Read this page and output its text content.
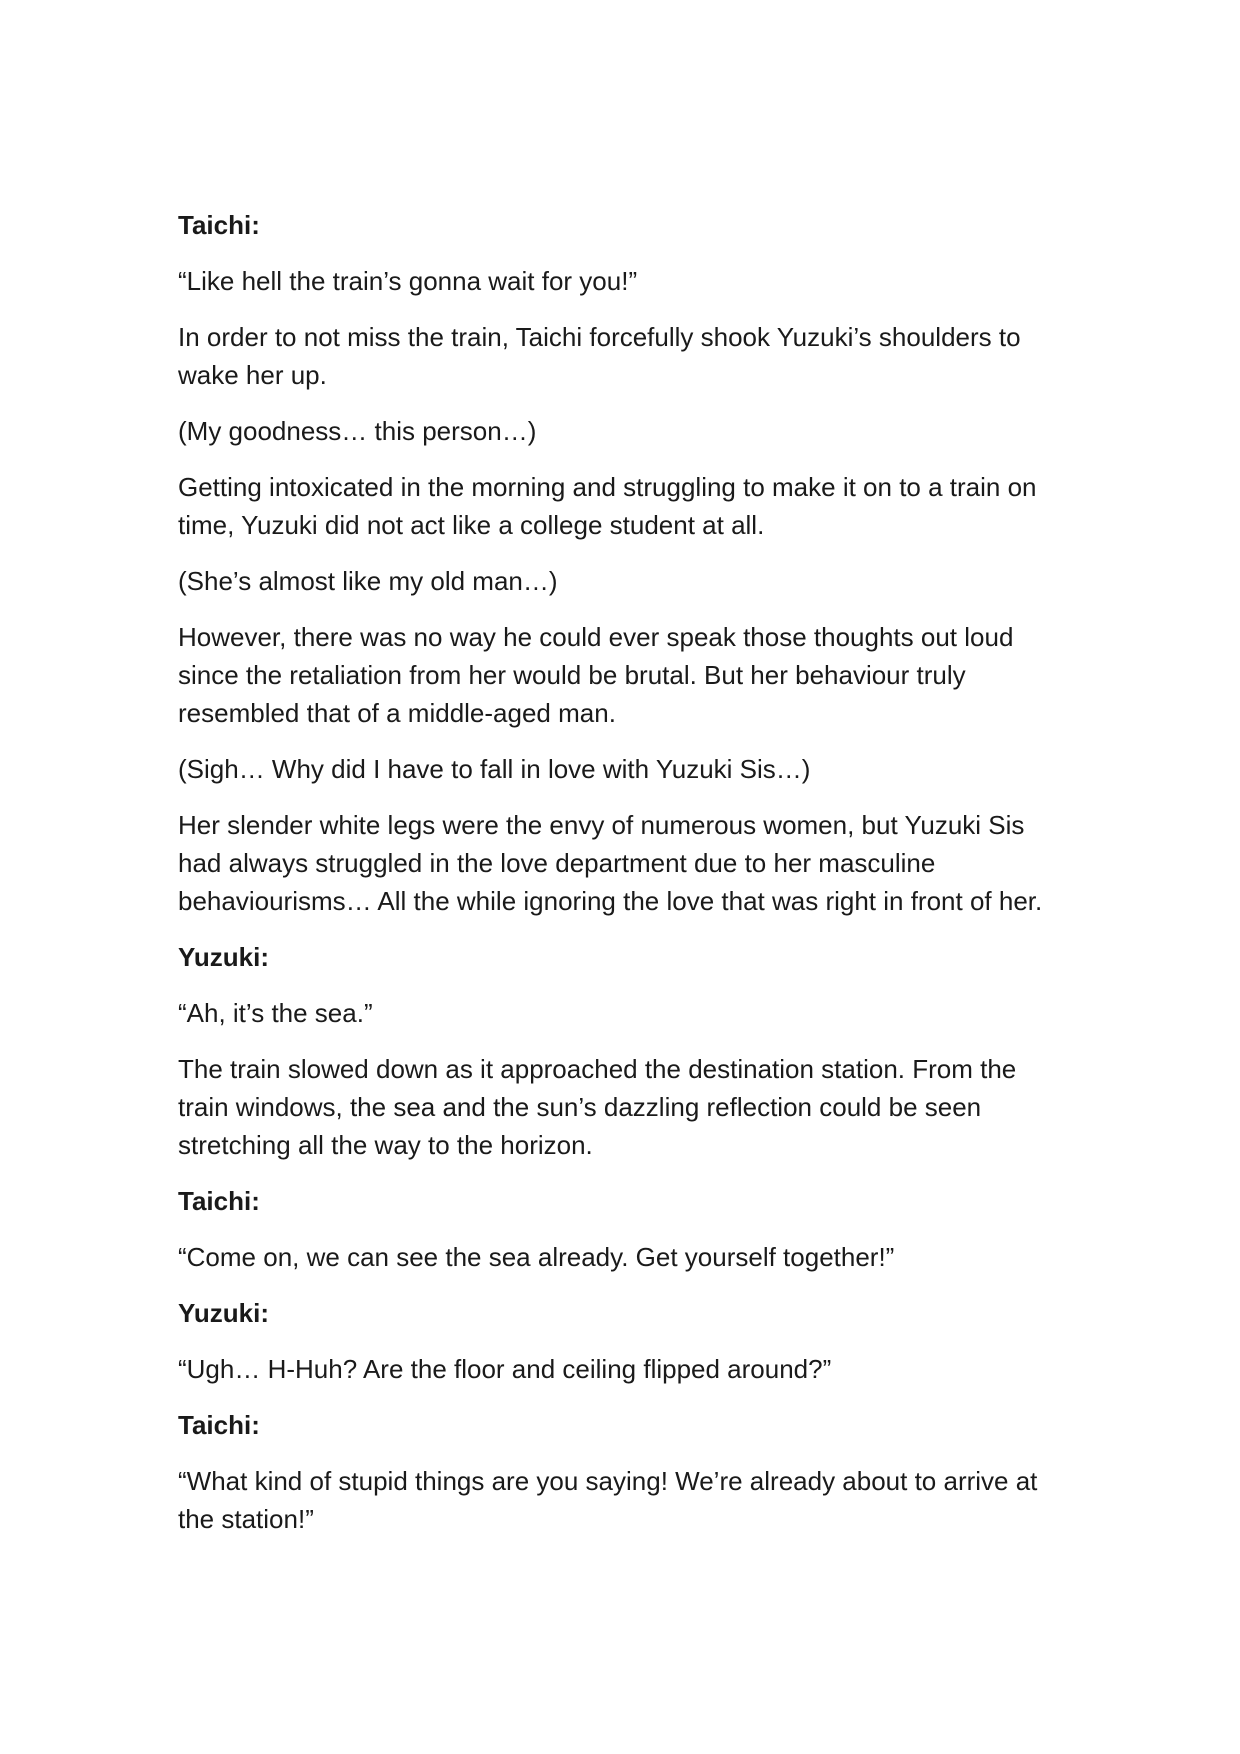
Taichi:

“Like hell the train’s gonna wait for you!”

In order to not miss the train, Taichi forcefully shook Yuzuki’s shoulders to wake her up.

(My goodness… this person…)

Getting intoxicated in the morning and struggling to make it on to a train on time, Yuzuki did not act like a college student at all.

(She’s almost like my old man…)

However, there was no way he could ever speak those thoughts out loud since the retaliation from her would be brutal. But her behaviour truly resembled that of a middle-aged man.

(Sigh… Why did I have to fall in love with Yuzuki Sis…)

Her slender white legs were the envy of numerous women, but Yuzuki Sis had always struggled in the love department due to her masculine behaviourisms… All the while ignoring the love that was right in front of her.

Yuzuki:

“Ah, it’s the sea.”

The train slowed down as it approached the destination station. From the train windows, the sea and the sun’s dazzling reflection could be seen stretching all the way to the horizon.

Taichi:

“Come on, we can see the sea already. Get yourself together!”

Yuzuki:

“Ugh… H-Huh? Are the floor and ceiling flipped around?”

Taichi:

“What kind of stupid things are you saying! We’re already about to arrive at the station!”
